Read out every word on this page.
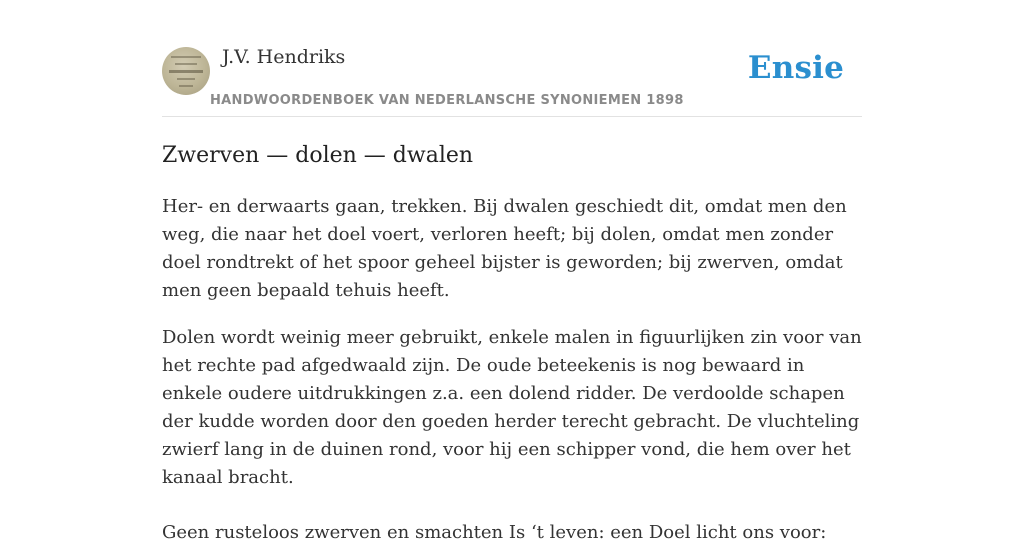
J.V. Hendriks
HANDWOORDENBOEK VAN NEDERLANSCHE SYNONIEMEN 1898
Ensie
Zwerven — dolen — dwalen

Her- en derwaarts gaan, trekken. Bij dwalen geschiedt dit, omdat men den weg, die naar het doel voert, verloren heeft; bij dolen, omdat men zonder doel rondtrekt of het spoor geheel bijster is geworden; bij zwerven, omdat men geen bepaald tehuis heeft.

Dolen wordt weinig meer gebruikt, enkele malen in figuurlijken zin voor van het rechte pad afgedwaald zijn. De oude beteekenis is nog bewaard in enkele oudere uitdrukkingen z.a. een dolend ridder. De verdoolde schapen der kudde worden door den goeden herder terecht gebracht. De vluchteling zwierf lang in de duinen rond, voor hij een schipper vond, die hem over het kanaal bracht.

Geen rusteloos zwerven en smachten Is ‘t leven: een Doel licht ons voor:
